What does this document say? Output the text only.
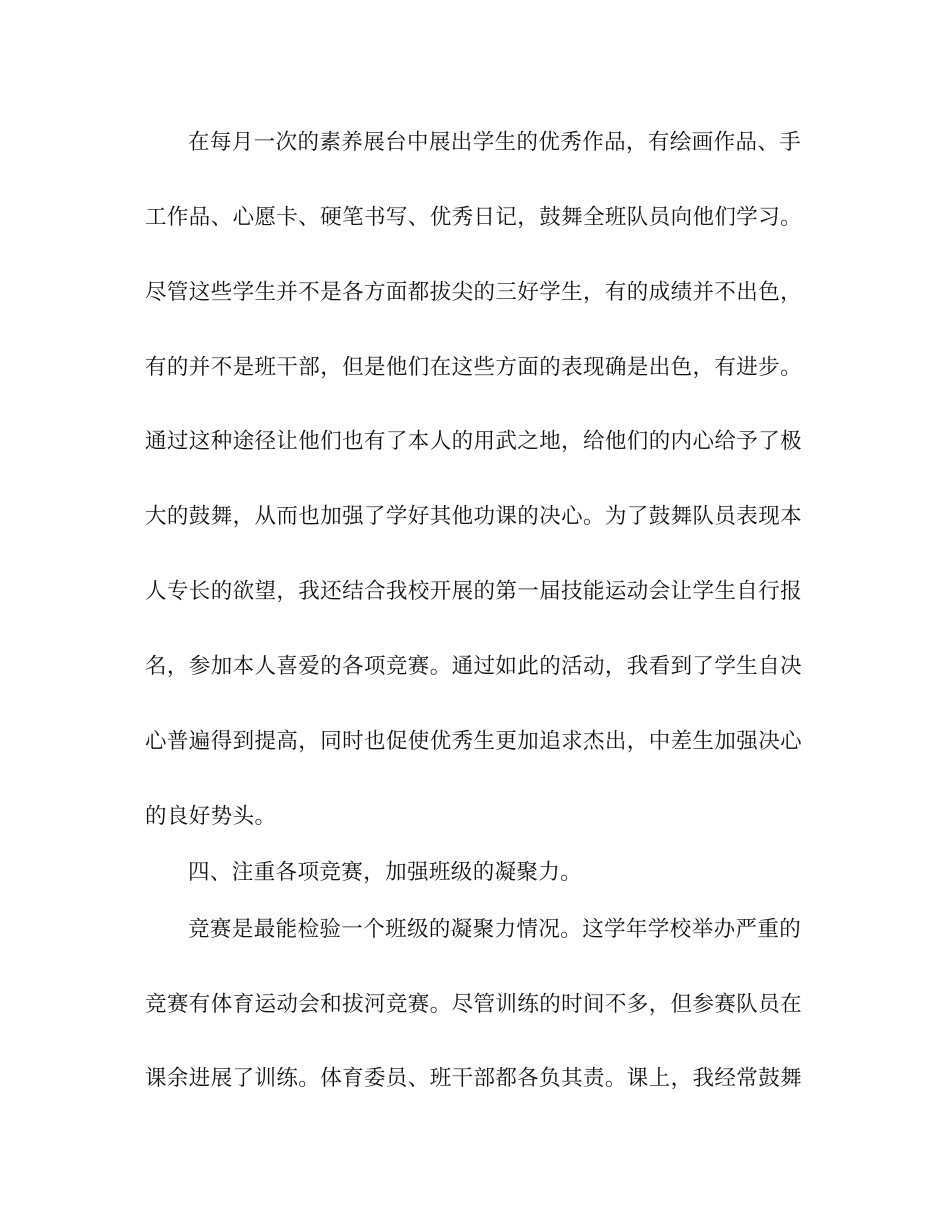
在每月一次的素养展台中展出学生的优秀作品，有绘画作品、手
工作品、心愿卡、硬笔书写、优秀日记，鼓舞全班队员向他们学习。
尽管这些学生并不是各方面都拔尖的三好学生，有的成绩并不出色，
有的并不是班干部，但是他们在这些方面的表现确是出色，有进步。
通过这种途径让他们也有了本人的用武之地，给他们的内心给予了极
大的鼓舞，从而也加强了学好其他功课的决心。为了鼓舞队员表现本
人专长的欲望，我还结合我校开展的第一届技能运动会让学生自行报
名，参加本人喜爱的各项竞赛。通过如此的活动，我看到了学生自决
心普遍得到提高，同时也促使优秀生更加追求杰出，中差生加强决心
的良好势头。
四、注重各项竞赛，加强班级的凝聚力。
竞赛是最能检验一个班级的凝聚力情况。这学年学校举办严重的
竞赛有体育运动会和拔河竞赛。尽管训练的时间不多，但参赛队员在
课余进展了训练。体育委员、班干部都各负其责。课上，我经常鼓舞
